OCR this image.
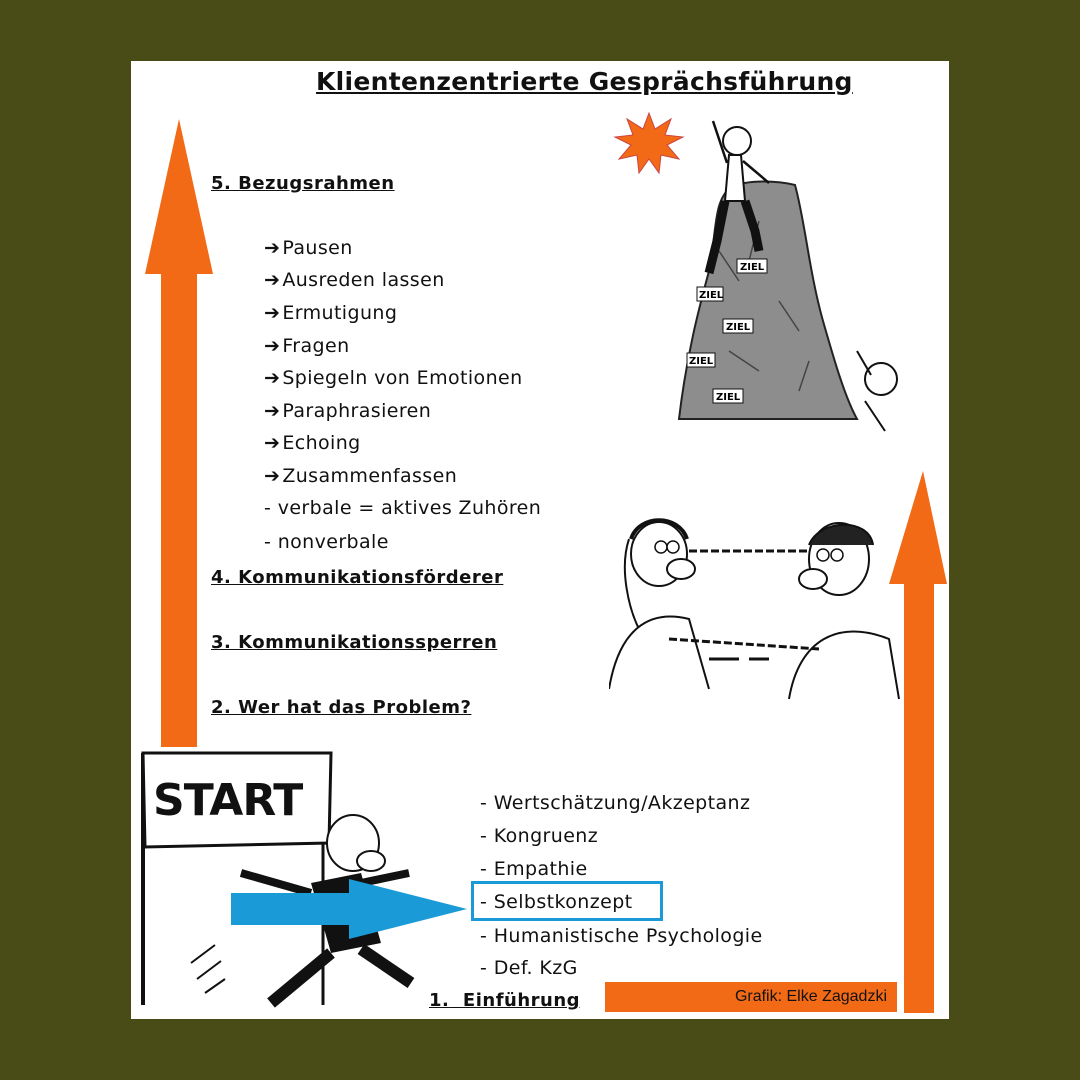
Klientenzentrierte Gesprächsführung
5. Bezugsrahmen
4. Kommunikationsförderer
3. Kommunikationssperren
2. Wer hat das Problem?
1. Einführung
➔ Pausen
➔ Ausreden lassen
➔ Ermutigung
➔ Fragen
➔ Spiegeln von Emotionen
➔ Paraphrasieren
➔ Echoing
➔ Zusammenfassen
- verbale = aktives Zuhören
- nonverbale
- Wertschätzung/Akzeptanz
- Kongruenz
- Empathie
- Selbstkonzept
- Humanistische Psychologie
- Def. KzG
Grafik: Elke Zagadzki
ZIEL
ZIEL
ZIEL
ZIEL
ZIEL
START
